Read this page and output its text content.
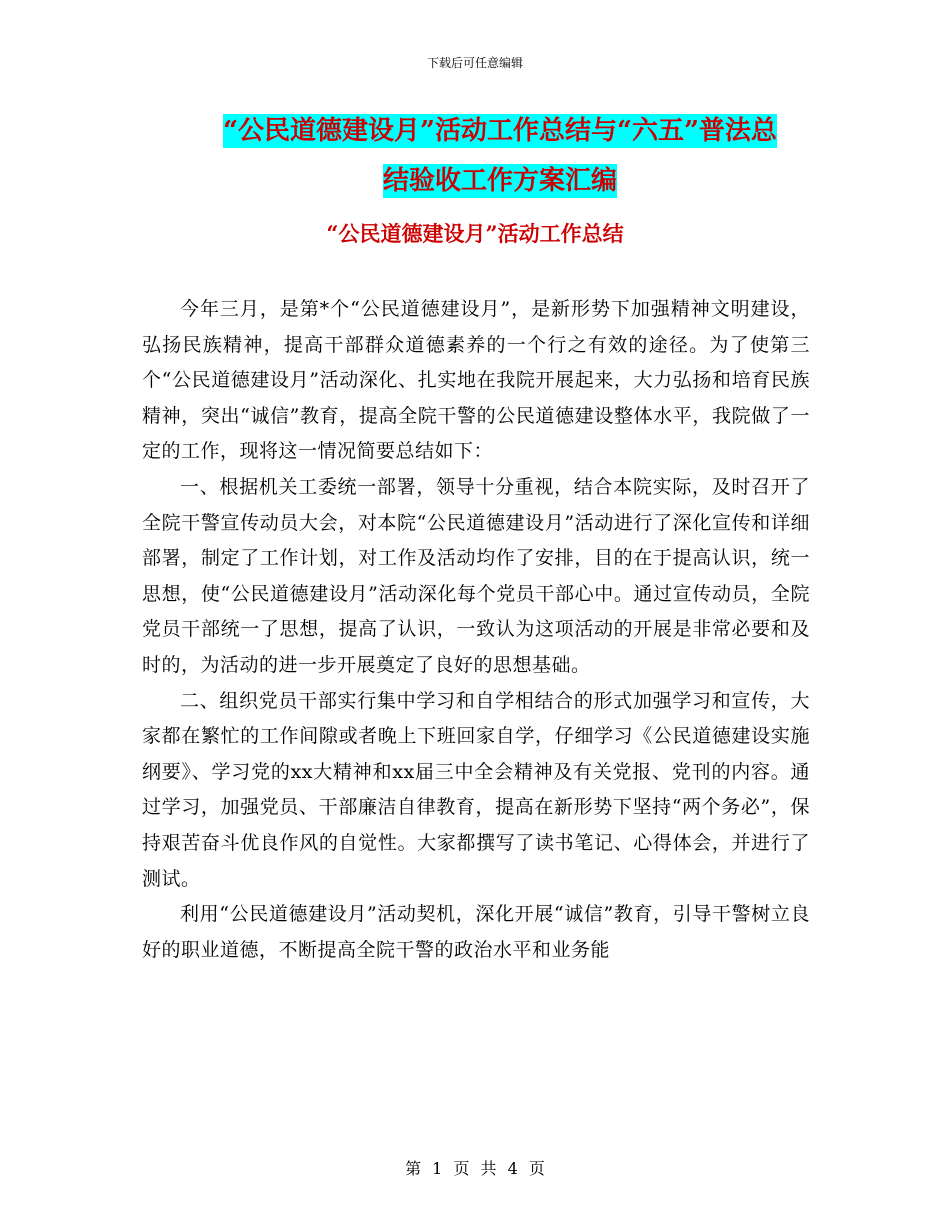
下载后可任意编辑
“公民道德建设月”活动工作总结与“六五”普法总
结验收工作方案汇编
“公民道德建设月”活动工作总结

今年三月，是第*个“公民道德建设月”，是新形势下加强精神文明建设，弘扬民族精神，提高干部群众道德素养的一个行之有效的途径。为了使第三个“公民道德建设月”活动深化、扎实地在我院开展起来，大力弘扬和培育民族精神，突出“诚信”教育，提高全院干警的公民道德建设整体水平，我院做了一定的工作，现将这一情况简要总结如下：

一、根据机关工委统一部署，领导十分重视，结合本院实际，及时召开了全院干警宣传动员大会，对本院“公民道德建设月”活动进行了深化宣传和详细部署，制定了工作计划，对工作及活动均作了安排，目的在于提高认识，统一思想，使“公民道德建设月”活动深化每个党员干部心中。通过宣传动员，全院党员干部统一了思想，提高了认识，一致认为这项活动的开展是非常必要和及时的，为活动的进一步开展奠定了良好的思想基础。

二、组织党员干部实行集中学习和自学相结合的形式加强学习和宣传，大家都在繁忙的工作间隙或者晚上下班回家自学，仔细学习《公民道德建设实施纲要》、学习党的xx大精神和xx届三中全会精神及有关党报、党刊的内容。通过学习，加强党员、干部廉洁自律教育，提高在新形势下坚持“两个务必”，保持艰苦奋斗优良作风的自觉性。大家都撰写了读书笔记、心得体会，并进行了测试。

利用“公民道德建设月”活动契机，深化开展“诚信”教育，引导干警树立良好的职业道德，不断提高全院干警的政治水平和业务能

第 1 页 共 4 页
